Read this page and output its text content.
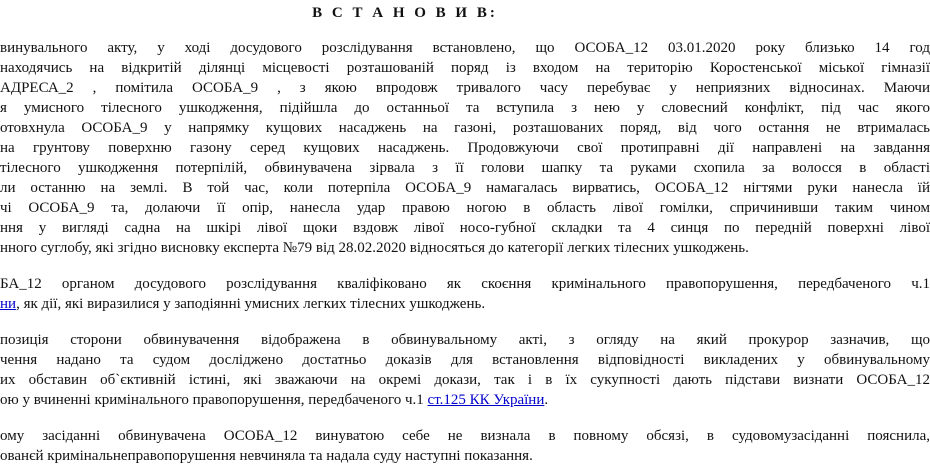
В С Т А Н О В И В:
винувального акту, у ході досудового розслідування встановлено, що ОСОБА_12 03.01.2020 року близько 14 год
находячись на відкритій ділянці місцевості розташованій поряд із входом на територію Коростенської міської гімназії
АДРЕСА_2 , помітила ОСОБА_9 , з якою впродовж тривалого часу перебуває у неприязних відносинах. Маючи
я умисного тілесного ушкодження, підійшла до останньої та вступила з нею у словесний конфлікт, під час якого
отовхнула ОСОБА_9 у напрямку кущових насаджень на газоні, розташованих поряд, від чого остання не втрималась
на грунтову поверхню газону серед кущових насаджень. Продовжуючи свої протиправні дії направлені на завдання
тілесного ушкодження потерпілій, обвинувачена зірвала з її голови шапку та руками схопила за волосся в області
ли останню на землі. В той час, коли потерпіла ОСОБА_9 намагалась вирватись, ОСОБА_12 нігтями руки нанесла їй
чі ОСОБА_9 та, долаючи її опір, нанесла удар правою ногою в область лівої гомілки, спричинивши таким чином
ння у вигляді садна на шкірі лівої щоки вздовж лівої носо-губної складки та 4 синця по передній поверхні лівої
нного суглобу, які згідно висновку експерта №79 від 28.02.2020 відносяться до категорії легких тілесних ушкоджень.
БА_12 органом досудового розслідування кваліфіковано як скоєння кримінального правопорушення, передбаченого ч.1
ни, як дії, які виразилися у заподіянні умисних легких тілесних ушкоджень.
позиція сторони обвинувачення відображена в обвинувальному акті, з огляду на який прокурор зазначив, що
чення надано та судом досліджено достатньо доказів для встановлення відповідності викладених у обвинувальному
их обставин об`єктивній істині, які зважаючи на окремі докази, так і в їх сукупності дають підстави визнати ОСОБА_12
ою у вчиненні кримінального правопорушення, передбаченого ч.1 ст.125 КК України.
ому засіданні обвинувачена ОСОБА_12 винуватою себе не визнала в повному обсязі, в судовомузасіданні пояснила,
ованєй кримінальнеправопорушення невчиняла та надала суду наступні показання.
